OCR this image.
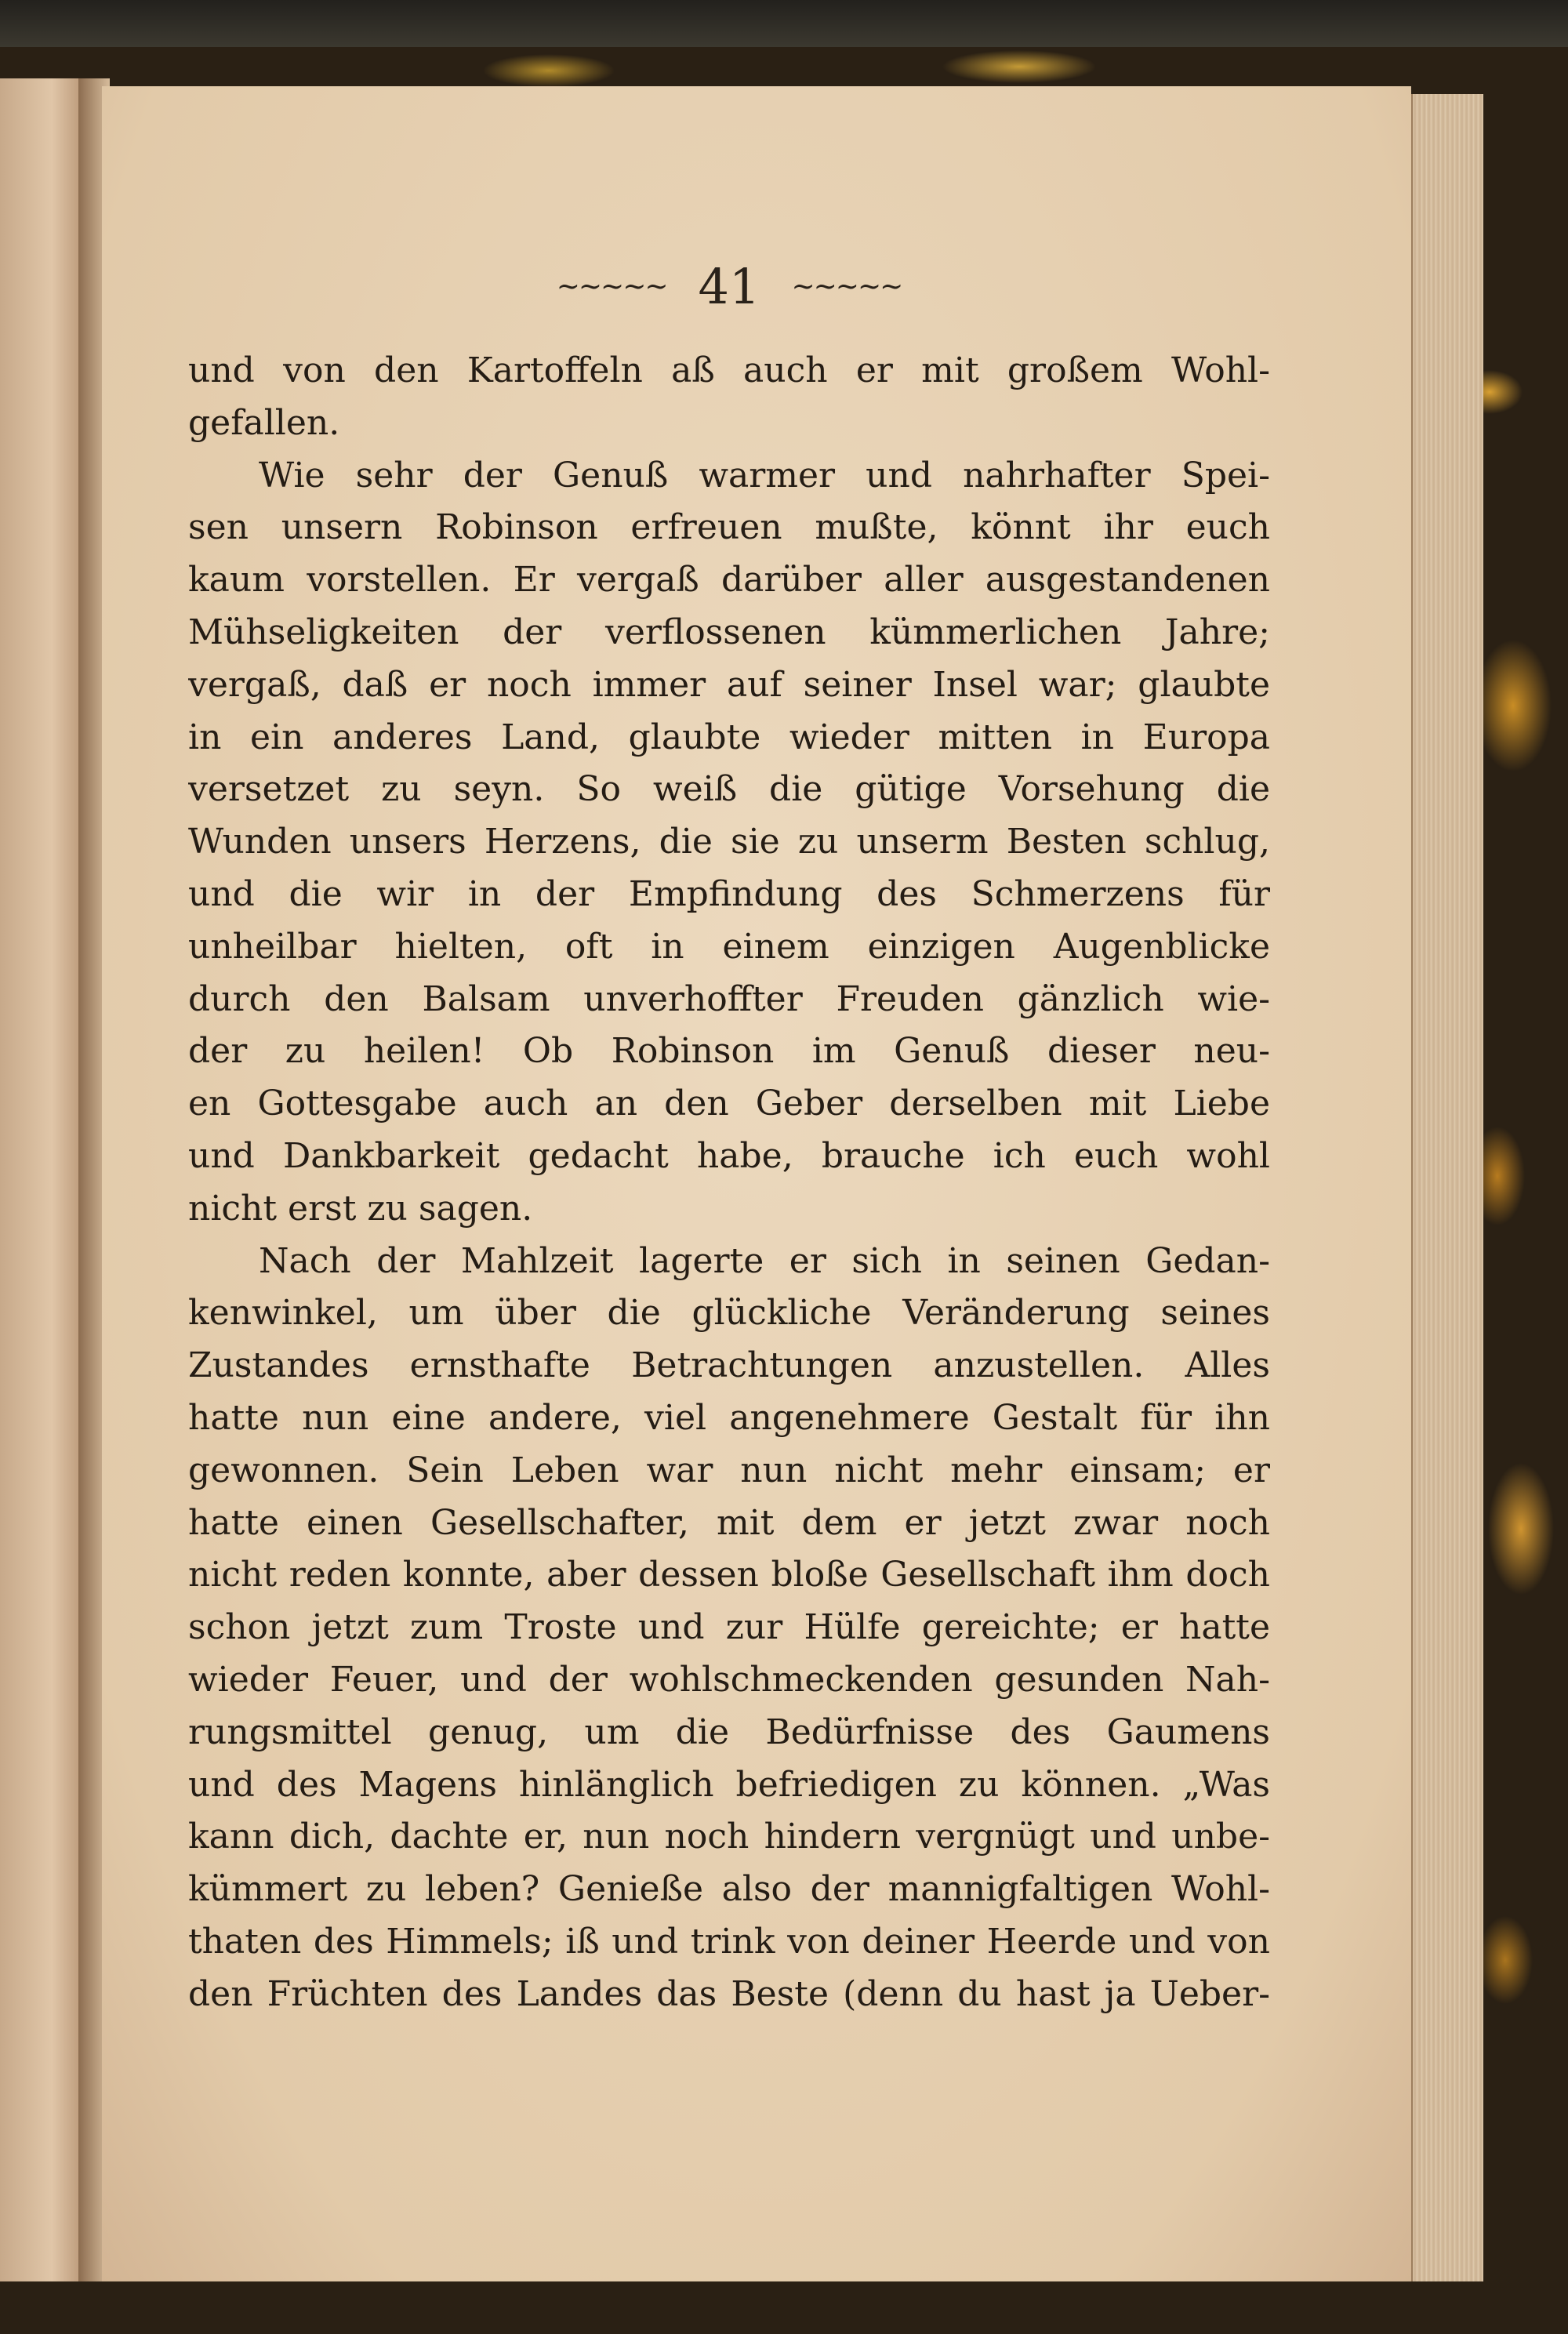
~~~~~ 41 ~~~~~
und von den Kartoffeln aß auch er mit großem Wohl-
gefallen.
Wie sehr der Genuß warmer und nahrhafter Spei-
sen unsern Robinson erfreuen mußte, könnt ihr euch
kaum vorstellen. Er vergaß darüber aller ausgestandenen
Mühseligkeiten der verflossenen kümmerlichen Jahre;
vergaß, daß er noch immer auf seiner Insel war; glaubte
in ein anderes Land, glaubte wieder mitten in Europa
versetzet zu seyn. So weiß die gütige Vorsehung die
Wunden unsers Herzens, die sie zu unserm Besten schlug,
und die wir in der Empfindung des Schmerzens für
unheilbar hielten, oft in einem einzigen Augenblicke
durch den Balsam unverhoffter Freuden gänzlich wie-
der zu heilen! Ob Robinson im Genuß dieser neu-
en Gottesgabe auch an den Geber derselben mit Liebe
und Dankbarkeit gedacht habe, brauche ich euch wohl
nicht erst zu sagen.
Nach der Mahlzeit lagerte er sich in seinen Gedan-
kenwinkel, um über die glückliche Veränderung seines
Zustandes ernsthafte Betrachtungen anzustellen. Alles
hatte nun eine andere, viel angenehmere Gestalt für ihn
gewonnen. Sein Leben war nun nicht mehr einsam; er
hatte einen Gesellschafter, mit dem er jetzt zwar noch
nicht reden konnte, aber dessen bloße Gesellschaft ihm doch
schon jetzt zum Troste und zur Hülfe gereichte; er hatte
wieder Feuer, und der wohlschmeckenden gesunden Nah-
rungsmittel genug, um die Bedürfnisse des Gaumens
und des Magens hinlänglich befriedigen zu können. „Was
kann dich, dachte er, nun noch hindern vergnügt und unbe-
kümmert zu leben? Genieße also der mannigfaltigen Wohl-
thaten des Himmels; iß und trink von deiner Heerde und von
den Früchten des Landes das Beste (denn du hast ja Ueber-
